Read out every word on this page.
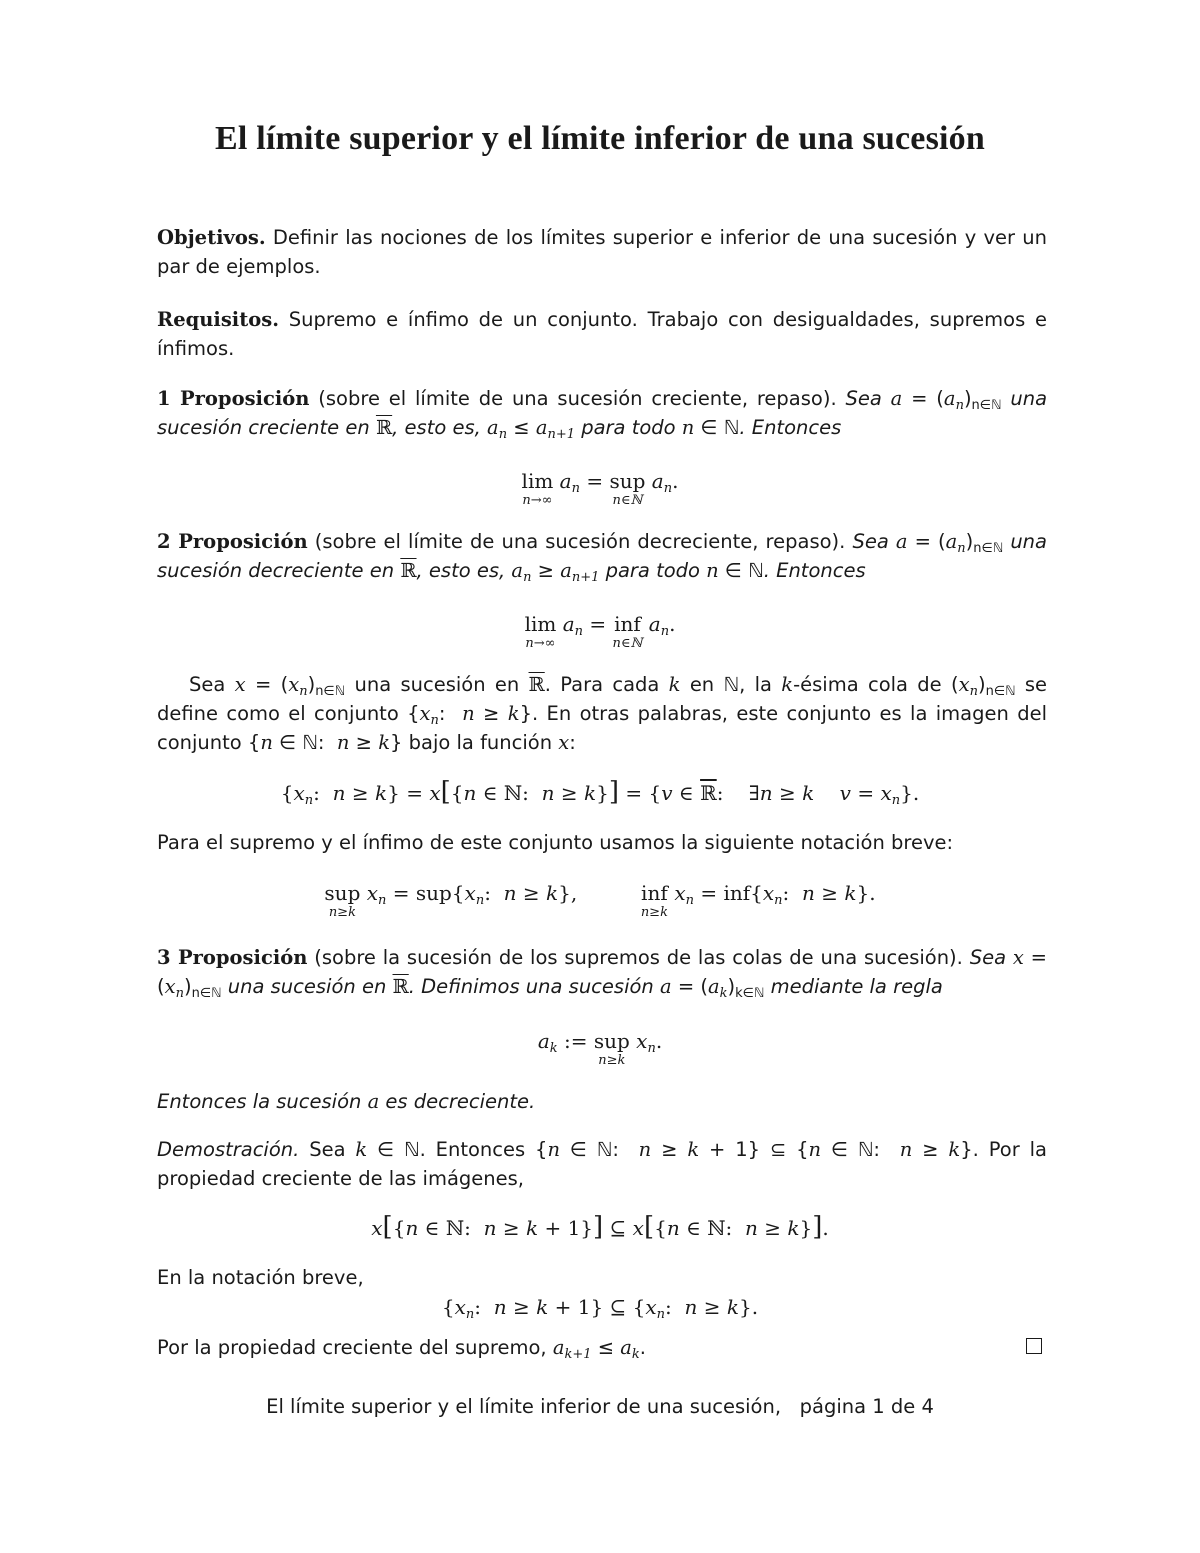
El límite superior y el límite inferior de una sucesión
Objetivos. Definir las nociones de los límites superior e inferior de una sucesión y ver un par de ejemplos.
Requisitos. Supremo e ínfimo de un conjunto. Trabajo con desigualdades, supremos e ínfimos.
1 Proposición (sobre el límite de una sucesión creciente, repaso). Sea $a = (a_n)_{n\in ℕ}$ una sucesión creciente en ℝ, esto es, $a_n \le a_{n+1}$ para todo n ∈ ℕ. Entonces
lim
n→∞
$a_n$ = sup
n∈ℕ
$a_n$.
2 Proposición (sobre el límite de una sucesión decreciente, repaso). Sea $a = (a_n)_{n\in ℕ}$ una sucesión decreciente en ℝ, esto es, $a_n \ge a_{n+1}$ para todo n ∈ ℕ. Entonces
lim
n→∞
$a_n$ = inf
n∈ℕ
$a_n$.
Sea $x = (x_n)_{n\in ℕ}$ una sucesión en ℝ. Para cada k en ℕ, la k-ésima cola de $(x_n)_{n\in ℕ}$ se define como el conjunto {$x_n$:  n ≥ k}. En otras palabras, este conjunto es la imagen del conjunto {n ∈ ℕ:  n ≥ k} bajo la función x:
{$x_n$:  n ≥ k} = x[{n ∈ ℕ:  n ≥ k}] = {v ∈ ℝ:    ∃n ≥ k $v = x_n$}.
Para el supremo y el ínfimo de este conjunto usamos la siguiente notación breve:
sup
n≥k
$x_n = sup\{x_n$:  n ≥ k}, inf
n≥k
$x_n = inf\{x_n$:  n ≥ k}.
3 Proposición (sobre la sucesión de los supremos de las colas de una sucesión). Sea $x = (x_n)_{n\in ℕ}$ una sucesión en ℝ. Definimos una sucesión $a = (a_k)_{k\in ℕ}$ mediante la regla
$a_k$ := sup
n≥k
$x_n$.
Entonces la sucesión a es decreciente.
Demostración. Sea k ∈ ℕ. Entonces {n ∈ ℕ:  n ≥ k + 1} ⊆ {n ∈ ℕ:  n ≥ k}. Por la propiedad creciente de las imágenes,
x[{n ∈ ℕ:  n ≥ k + 1}] ⊆ x[{n ∈ ℕ:  n ≥ k}].
En la notación breve,
{$x_n$:  n ≥ k + 1} ⊆ {$x_n$:  n ≥ k}.
Por la propiedad creciente del supremo, $a_{k+1} \le a_k$.
El límite superior y el límite inferior de una sucesión, página 1 de 4
